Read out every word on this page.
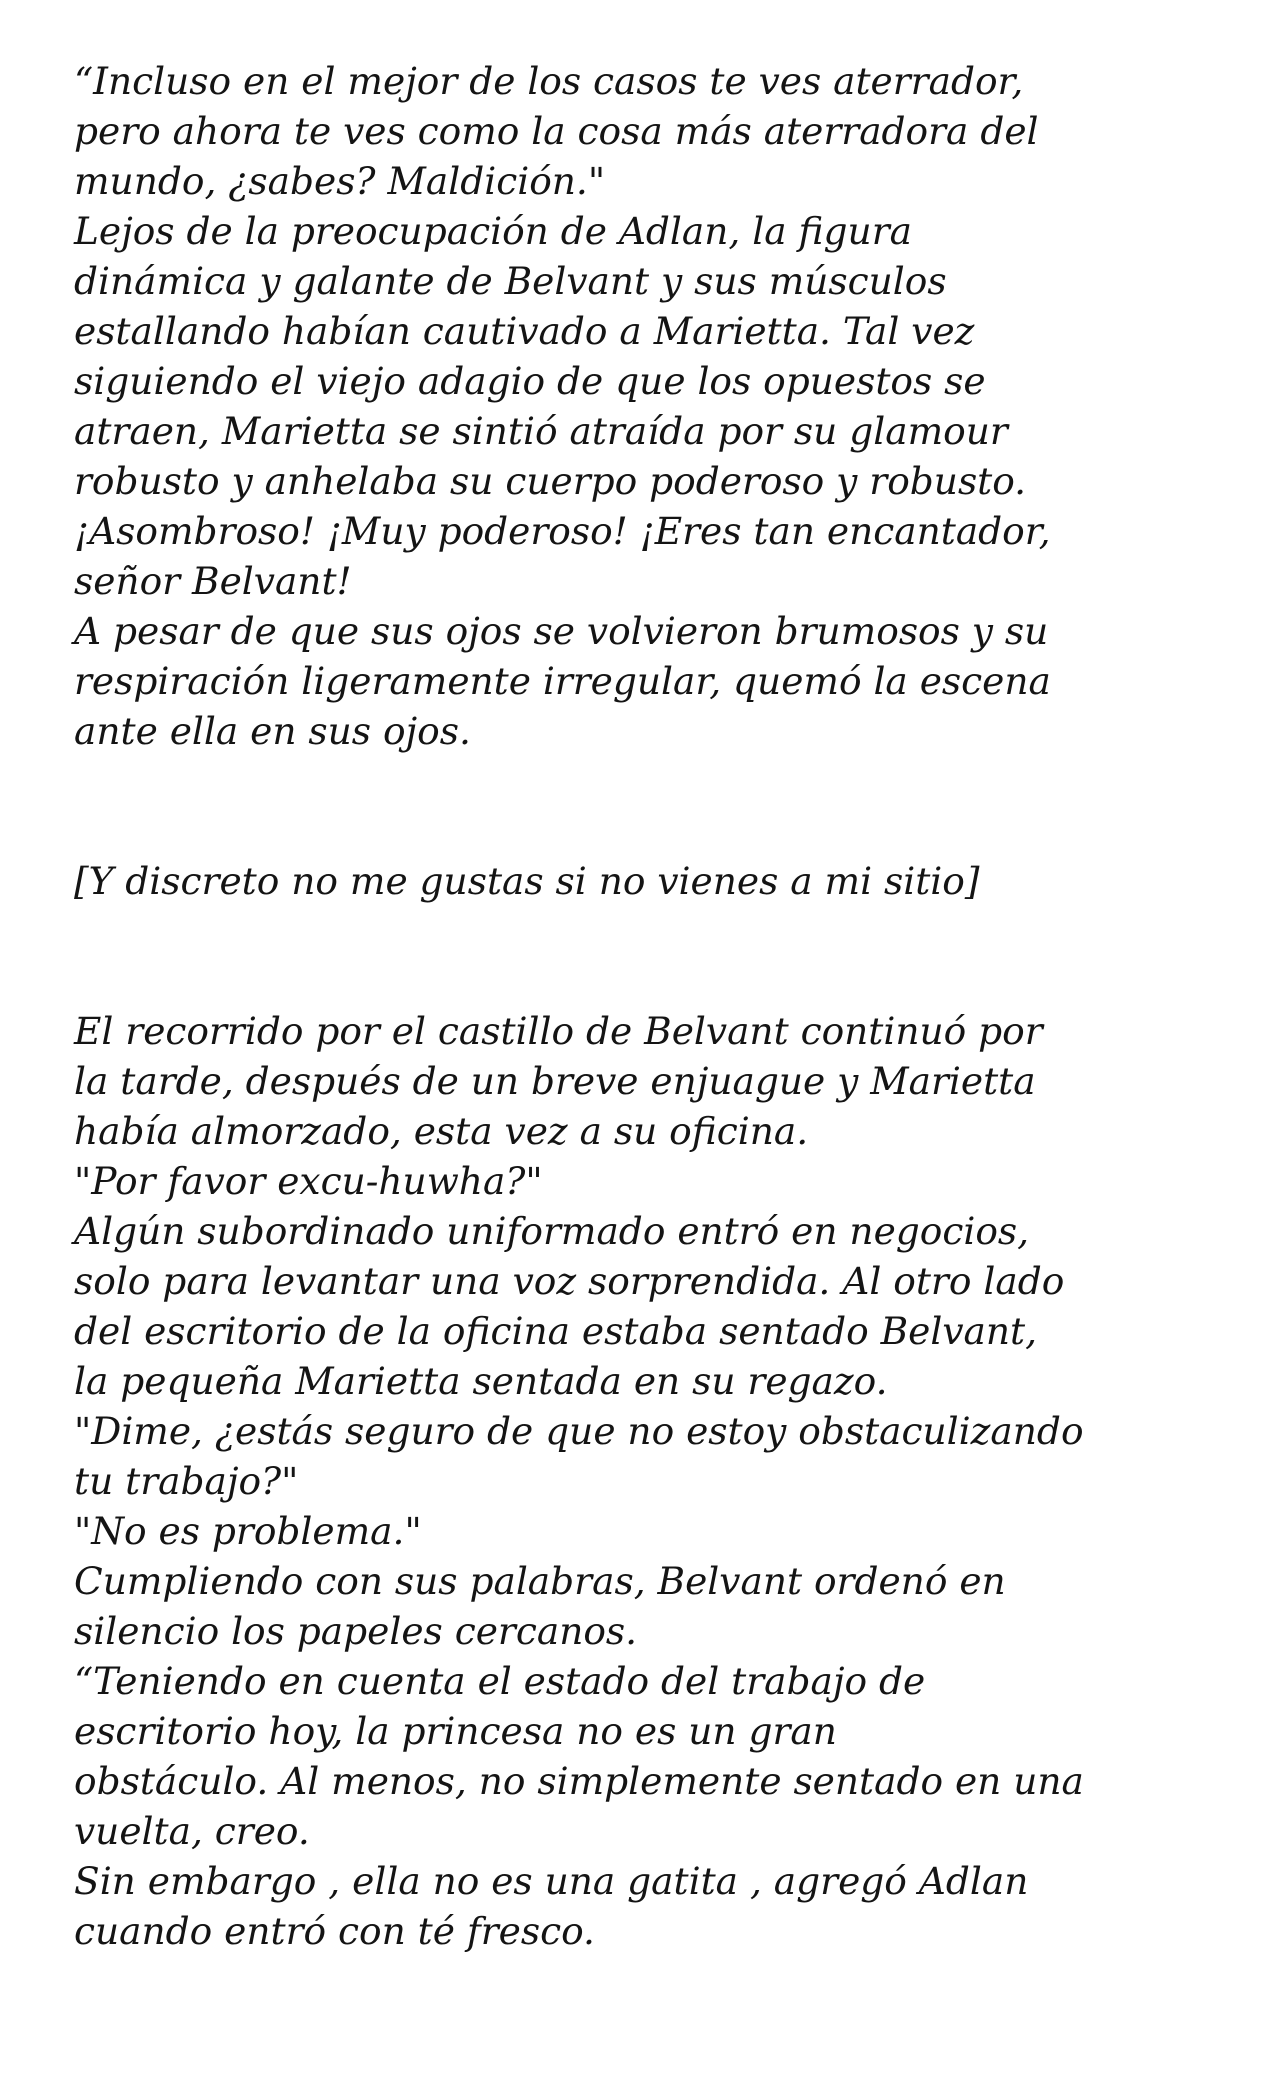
“Incluso en el mejor de los casos te ves aterrador,
pero ahora te ves como la cosa más aterradora del
mundo, ¿sabes? Maldición."
Lejos de la preocupación de Adlan, la figura
dinámica y galante de Belvant y sus músculos
estallando habían cautivado a Marietta. Tal vez
siguiendo el viejo adagio de que los opuestos se
atraen, Marietta se sintió atraída por su glamour
robusto y anhelaba su cuerpo poderoso y robusto.
¡Asombroso! ¡Muy poderoso! ¡Eres tan encantador,
señor Belvant!
A pesar de que sus ojos se volvieron brumosos y su
respiración ligeramente irregular, quemó la escena
ante ella en sus ojos.
[Y discreto no me gustas si no vienes a mi sitio]
El recorrido por el castillo de Belvant continuó por
la tarde, después de un breve enjuague y Marietta
había almorzado, esta vez a su oficina.
"Por favor excu-huwha?"
Algún subordinado uniformado entró en negocios,
solo para levantar una voz sorprendida. Al otro lado
del escritorio de la oficina estaba sentado Belvant,
la pequeña Marietta sentada en su regazo.
"Dime, ¿estás seguro de que no estoy obstaculizando
tu trabajo?"
"No es problema."
Cumpliendo con sus palabras, Belvant ordenó en
silencio los papeles cercanos.
“Teniendo en cuenta el estado del trabajo de
escritorio hoy, la princesa no es un gran
obstáculo. Al menos, no simplemente sentado en una
vuelta, creo.
Sin embargo , ella no es una gatita , agregó Adlan
cuando entró con té fresco.
